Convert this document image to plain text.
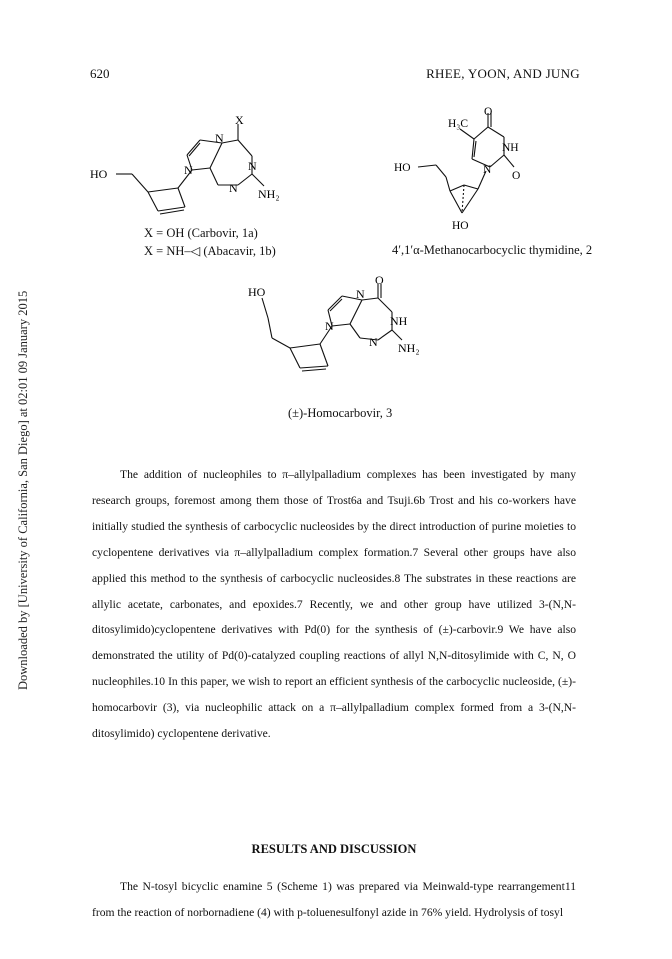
620	RHEE, YOON, AND JUNG
Downloaded by [University of California, San Diego] at 02:01 09 January 2015
X
N
N
N
N
HO
NH₂
X = OH (Carbovir, 1a)
X = NH–◁ (Abacavir, 1b)
H₃C
O
NH
N O
HO
HO
4′,1′α-Methanocarbocyclic thymidine, 2
HO
O
N
NH
N
N
NH₂
(±)-Homocarbovir, 3

The addition of nucleophiles to π–allylpalladium complexes has been investigated by many research groups, foremost among them those of Trost6a and Tsuji.6b Trost and his co-workers have initially studied the synthesis of carbocyclic nucleosides by the direct introduction of purine moieties to cyclopentene derivatives via π–allylpalladium complex formation.7 Several other groups have also applied this method to the synthesis of carbocyclic nucleosides.8 The substrates in these reactions are allylic acetate, carbonates, and epoxides.7 Recently, we and other group have utilized 3-(N,N-ditosylimido)cyclopentene derivatives with Pd(0) for the synthesis of (±)-carbovir.9 We have also demonstrated the utility of Pd(0)-catalyzed coupling reactions of allyl N,N-ditosylimide with C, N, O nucleophiles.10 In this paper, we wish to report an efficient synthesis of the carbocyclic nucleoside, (±)-homocarbovir (3), via nucleophilic attack on a π–allylpalladium complex formed from a 3-(N,N-ditosylimido) cyclopentene derivative.

RESULTS AND DISCUSSION

The N-tosyl bicyclic enamine 5 (Scheme 1) was prepared via Meinwald-type rearrangement11 from the reaction of norbornadiene (4) with p-toluenesulfonyl azide in 76% yield. Hydrolysis of tosyl
